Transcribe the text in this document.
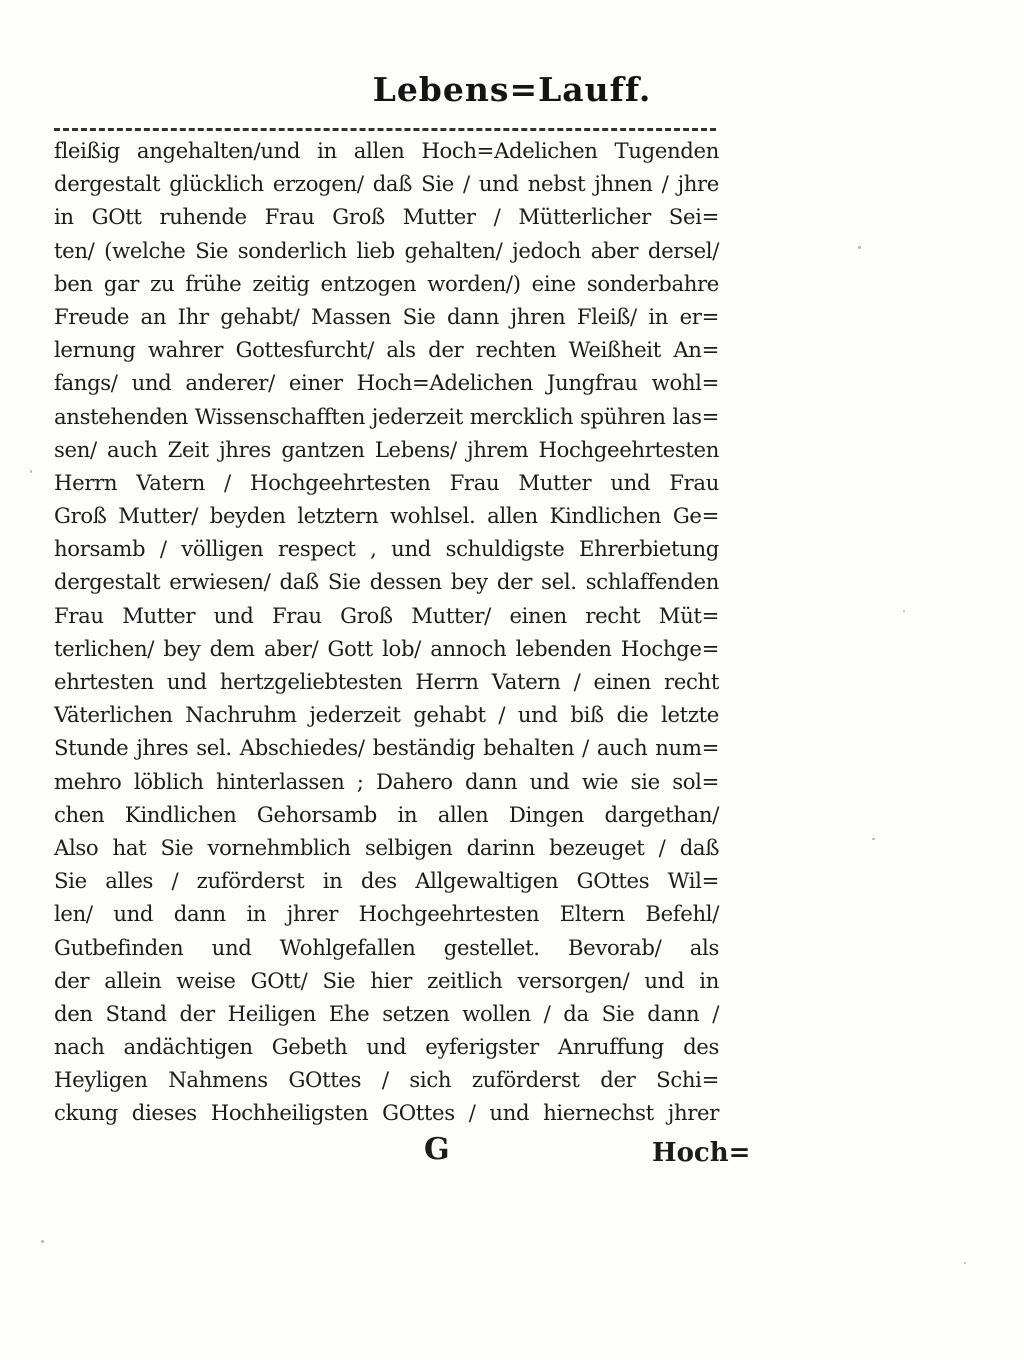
Lebens=Lauff.
fleißig angehalten/und in allen Hoch=Adelichen Tugenden
dergestalt glücklich erzogen/ daß Sie / und nebst jhnen / jhre
in GOtt ruhende Frau Groß Mutter / Mütterlicher Sei=
ten/ (welche Sie sonderlich lieb gehalten/ jedoch aber dersel/
ben gar zu frühe zeitig entzogen worden/) eine sonderbahre
Freude an Ihr gehabt/ Massen Sie dann jhren Fleiß/ in er=
lernung wahrer Gottesfurcht/ als der rechten Weißheit An=
fangs/ und anderer/ einer Hoch=Adelichen Jungfrau wohl=
anstehenden Wissenschafften jederzeit mercklich spühren las=
sen/ auch Zeit jhres gantzen Lebens/ jhrem Hochgeehrtesten
Herrn Vatern / Hochgeehrtesten Frau Mutter und Frau
Groß Mutter/ beyden letztern wohlsel. allen Kindlichen Ge=
horsamb / völligen respect , und schuldigste Ehrerbietung
dergestalt erwiesen/ daß Sie dessen bey der sel. schlaffenden
Frau Mutter und Frau Groß Mutter/ einen recht Müt=
terlichen/ bey dem aber/ Gott lob/ annoch lebenden Hochge=
ehrtesten und hertzgeliebtesten Herrn Vatern / einen recht
Väterlichen Nachruhm jederzeit gehabt / und biß die letzte
Stunde jhres sel. Abschiedes/ beständig behalten / auch num=
mehro löblich hinterlassen ; Dahero dann und wie sie sol=
chen Kindlichen Gehorsamb in allen Dingen dargethan/
Also hat Sie vornehmblich selbigen darinn bezeuget / daß
Sie alles / zuförderst in des Allgewaltigen GOttes Wil=
len/ und dann in jhrer Hochgeehrtesten Eltern Befehl/
Gutbefinden und Wohlgefallen gestellet. Bevorab/ als
der allein weise GOtt/ Sie hier zeitlich versorgen/ und in
den Stand der Heiligen Ehe setzen wollen / da Sie dann /
nach andächtigen Gebeth und eyferigster Anruffung des
Heyligen Nahmens GOttes / sich zuförderst der Schi=
ckung dieses Hochheiligsten GOttes / und hiernechst jhrer
G	Hoch=
